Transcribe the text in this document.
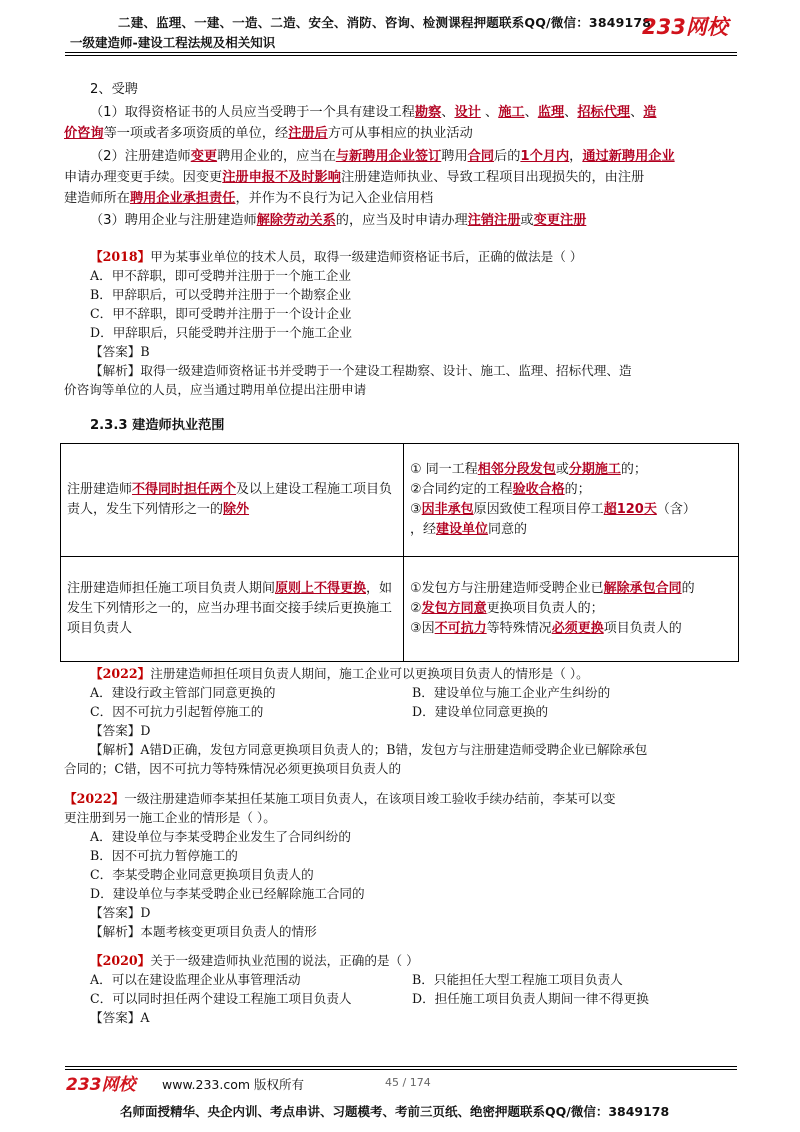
二建、监理、一建、一造、二造、安全、消防、咨询、检测课程押题联系QQ/微信：3849178
一级建造师-建设工程法规及相关知识
233网校
2、受聘
（1）取得资格证书的人员应当受聘于一个具有建设工程勘察、设计 、施工、监理、招标代理、造
价咨询等一项或者多项资质的单位，经注册后方可从事相应的执业活动
（2）注册建造师变更聘用企业的，应当在与新聘用企业签订聘用合同后的1个月内，通过新聘用企业
申请办理变更手续。因变更注册申报不及时影响注册建造师执业、导致工程项目出现损失的，由注册
建造师所在聘用企业承担责任，并作为不良行为记入企业信用档
（3）聘用企业与注册建造师解除劳动关系的，应当及时申请办理注销注册或变更注册
【2018】甲为某事业单位的技术人员，取得一级建造师资格证书后，正确的做法是（ ）
A．甲不辞职，即可受聘并注册于一个施工企业
B．甲辞职后，可以受聘并注册于一个勘察企业
C．甲不辞职，即可受聘并注册于一个设计企业
D．甲辞职后，只能受聘并注册于一个施工企业
【答案】B
【解析】取得一级建造师资格证书并受聘于一个建设工程勘察、设计、施工、监理、招标代理、造
价咨询等单位的人员，应当通过聘用单位提出注册申请
2.3.3 建造师执业范围
注册建造师不得同时担任两个及以上建设工程施工项目负责人，发生下列情形之一的除外	① 同一工程相邻分段发包或分期施工的；
②合同约定的工程验收合格的；
③因非承包原因致使工程项目停工超120天（含）
，经建设单位同意的

注册建造师担任施工项目负责人期间原则上不得更换，如发生下列情形之一的，应当办理书面交接手续后更换施工项目负责人	①发包方与注册建造师受聘企业已解除承包合同的
②发包方同意更换项目负责人的；
③因不可抗力等特殊情况必须更换项目负责人的
【2022】注册建造师担任项目负责人期间，施工企业可以更换项目负责人的情形是（ ）。
A．建设行政主管部门同意更换的	B．建设单位与施工企业产生纠纷的
C．因不可抗力引起暂停施工的	D．建设单位同意更换的
【答案】D
【解析】A错D正确，发包方同意更换项目负责人的；B错，发包方与注册建造师受聘企业已解除承包
合同的；C错，因不可抗力等特殊情况必须更换项目负责人的
【2022】一级注册建造师李某担任某施工项目负责人，在该项目竣工验收手续办结前，李某可以变
更注册到另一施工企业的情形是（ ）。
A．建设单位与李某受聘企业发生了合同纠纷的
B．因不可抗力暂停施工的
C．李某受聘企业同意更换项目负责人的
D．建设单位与李某受聘企业已经解除施工合同的
【答案】D
【解析】本题考核变更项目负责人的情形
【2020】关于一级建造师执业范围的说法，正确的是（ ）
A．可以在建设监理企业从事管理活动	B．只能担任大型工程施工项目负责人
C．可以同时担任两个建设工程施工项目负责人	D．担任施工项目负责人期间一律不得更换
【答案】A
233网校 www.233.com 版权所有	45 / 174
名师面授精华、央企内训、考点串讲、习题模考、考前三页纸、绝密押题联系QQ/微信：3849178
